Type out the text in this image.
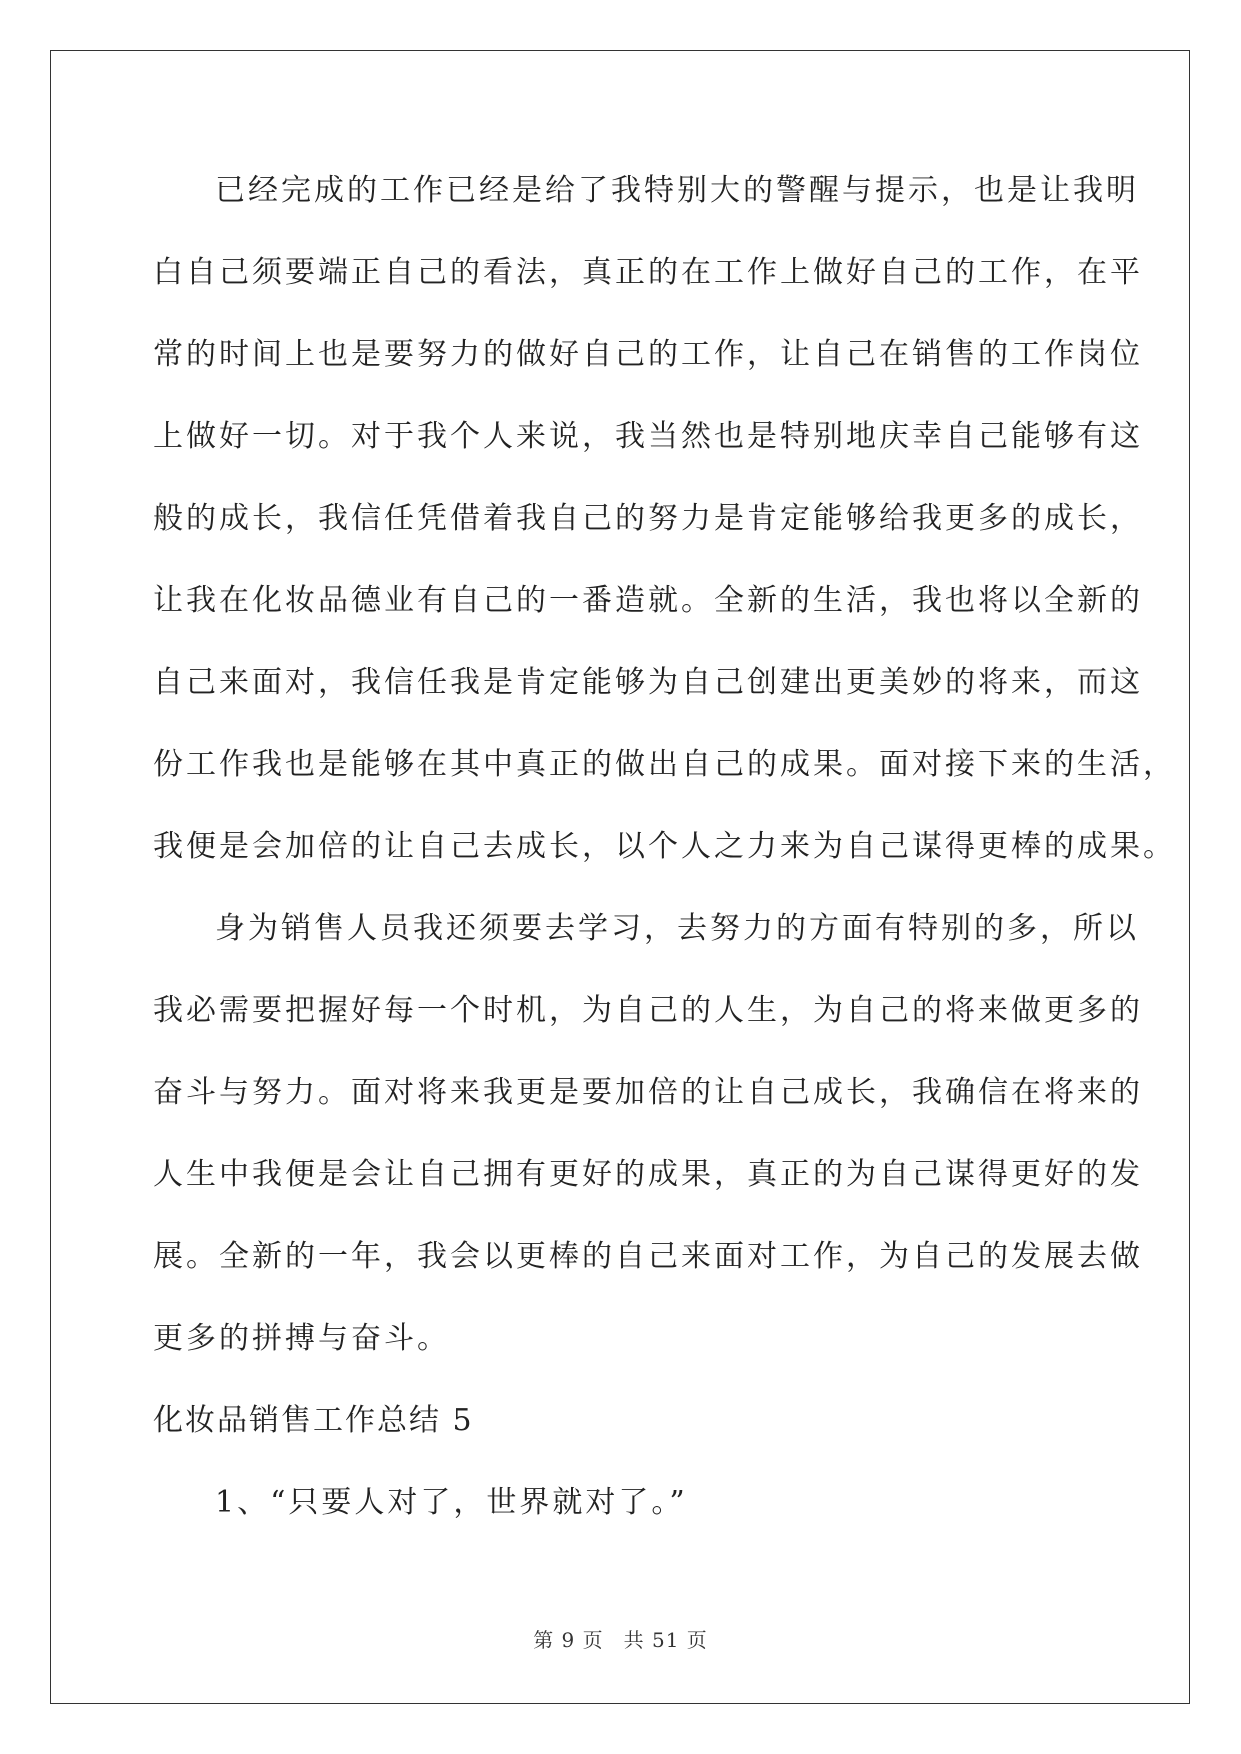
已经完成的工作已经是给了我特别大的警醒与提示，也是让我明
白自己须要端正自己的看法，真正的在工作上做好自己的工作，在平
常的时间上也是要努力的做好自己的工作，让自己在销售的工作岗位
上做好一切。对于我个人来说，我当然也是特别地庆幸自己能够有这
般的成长，我信任凭借着我自己的努力是肯定能够给我更多的成长，
让我在化妆品德业有自己的一番造就。全新的生活，我也将以全新的
自己来面对，我信任我是肯定能够为自己创建出更美妙的将来，而这
份工作我也是能够在其中真正的做出自己的成果。面对接下来的生活，
我便是会加倍的让自己去成长，以个人之力来为自己谋得更棒的成果。
身为销售人员我还须要去学习，去努力的方面有特别的多，所以
我必需要把握好每一个时机，为自己的人生，为自己的将来做更多的
奋斗与努力。面对将来我更是要加倍的让自己成长，我确信在将来的
人生中我便是会让自己拥有更好的成果，真正的为自己谋得更好的发
展。全新的一年，我会以更棒的自己来面对工作，为自己的发展去做
更多的拼搏与奋斗。
化妆品销售工作总结 5
1、“只要人对了，世界就对了。”
第 9 页 共 51 页
